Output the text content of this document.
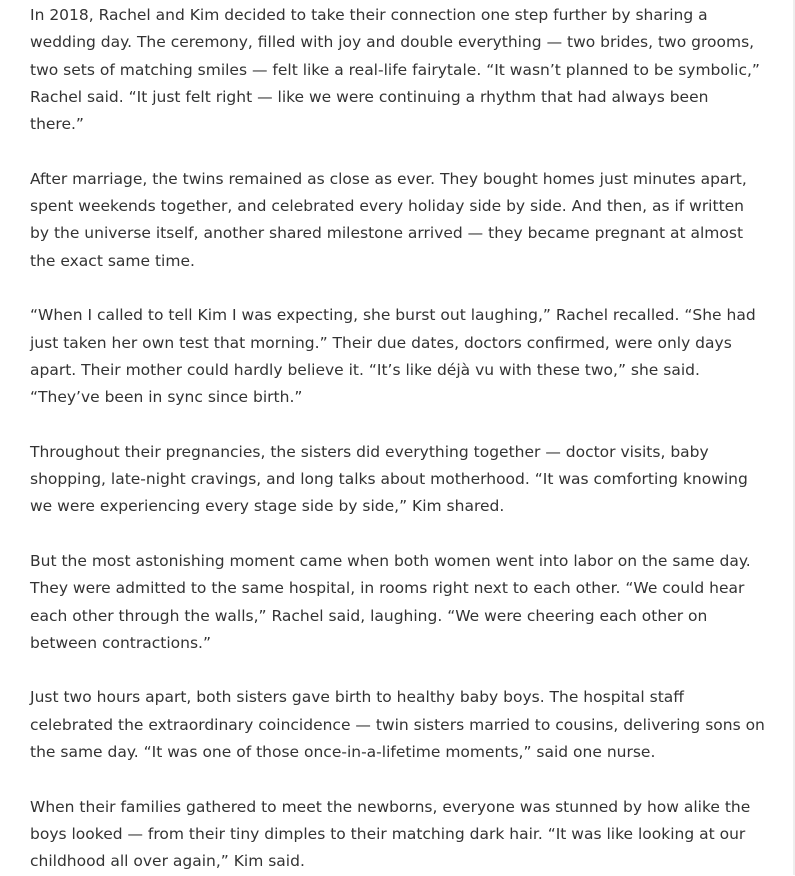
In 2018, Rachel and Kim decided to take their connection one step further by sharing a wedding day. The ceremony, filled with joy and double everything — two brides, two grooms, two sets of matching smiles — felt like a real-life fairytale. “It wasn’t planned to be symbolic,” Rachel said. “It just felt right — like we were continuing a rhythm that had always been there.”

After marriage, the twins remained as close as ever. They bought homes just minutes apart, spent weekends together, and celebrated every holiday side by side. And then, as if written by the universe itself, another shared milestone arrived — they became pregnant at almost the exact same time.

“When I called to tell Kim I was expecting, she burst out laughing,” Rachel recalled. “She had just taken her own test that morning.” Their due dates, doctors confirmed, were only days apart. Their mother could hardly believe it. “It’s like déjà vu with these two,” she said. “They’ve been in sync since birth.”

Throughout their pregnancies, the sisters did everything together — doctor visits, baby shopping, late-night cravings, and long talks about motherhood. “It was comforting knowing we were experiencing every stage side by side,” Kim shared.

But the most astonishing moment came when both women went into labor on the same day. They were admitted to the same hospital, in rooms right next to each other. “We could hear each other through the walls,” Rachel said, laughing. “We were cheering each other on between contractions.”

Just two hours apart, both sisters gave birth to healthy baby boys. The hospital staff celebrated the extraordinary coincidence — twin sisters married to cousins, delivering sons on the same day. “It was one of those once-in-a-lifetime moments,” said one nurse.

When their families gathered to meet the newborns, everyone was stunned by how alike the boys looked — from their tiny dimples to their matching dark hair. “It was like looking at our childhood all over again,” Kim said.
